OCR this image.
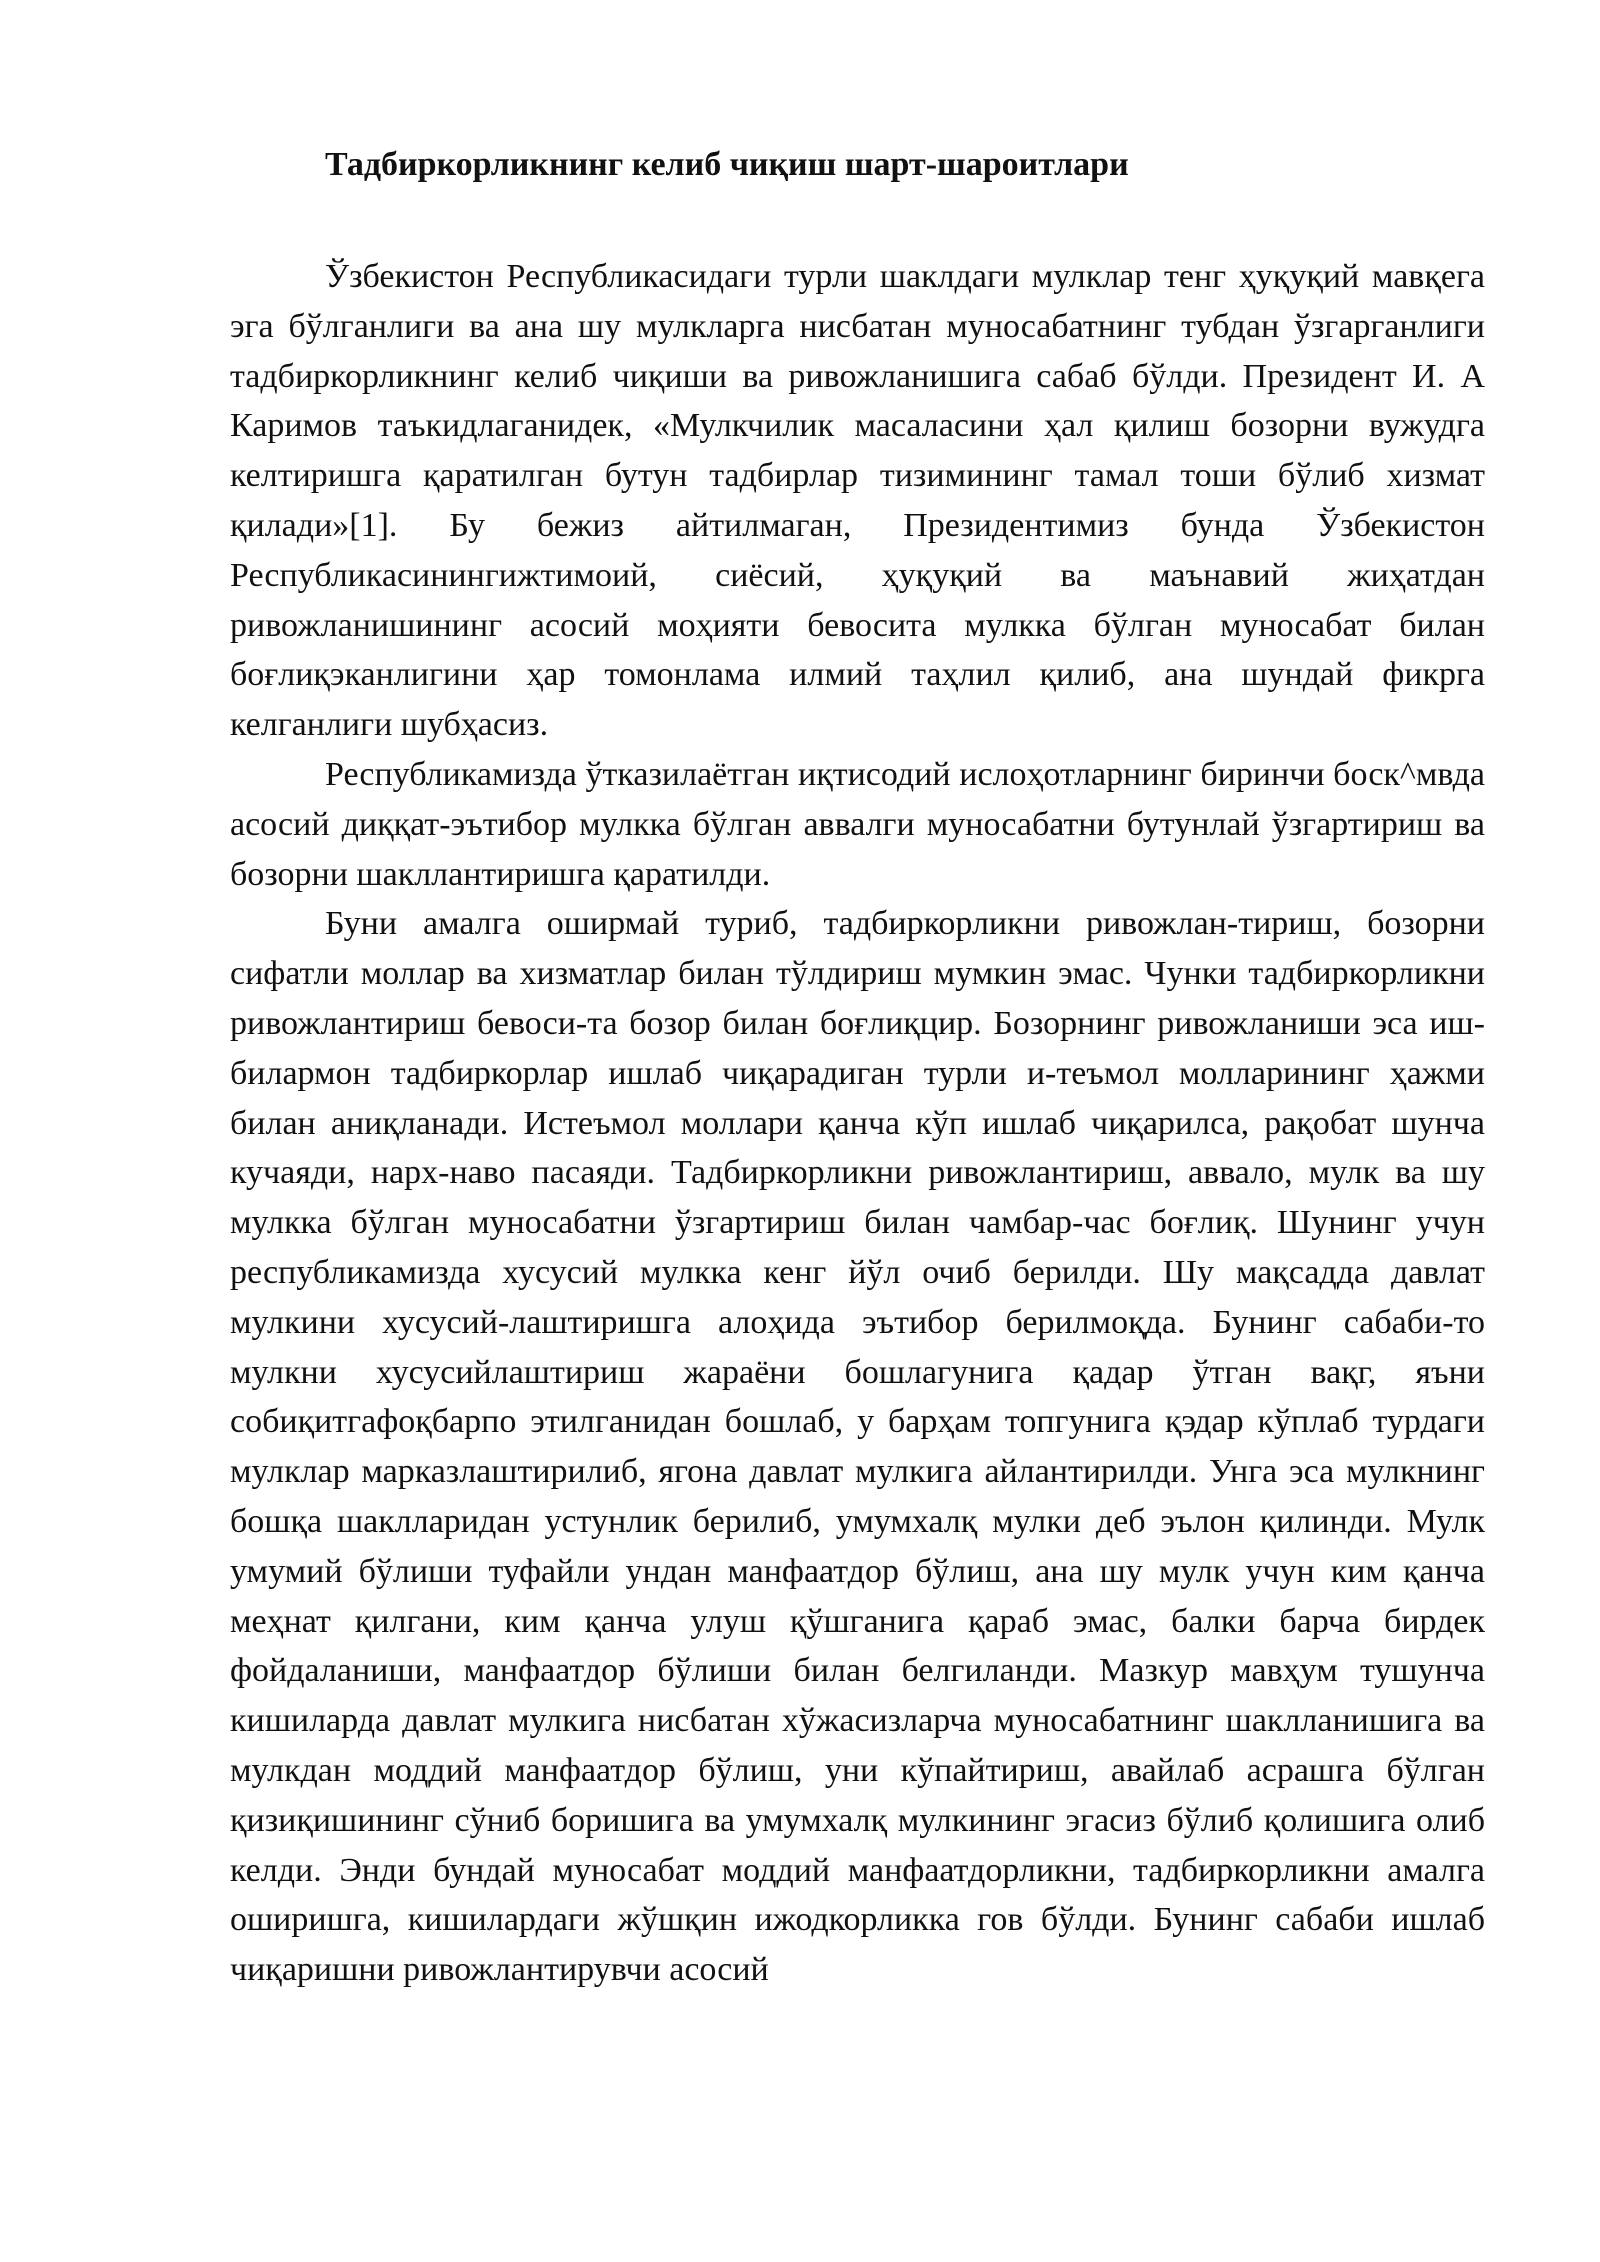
Тадбиркорликнинг келиб чиқиш шарт-шароитлари

Ўзбекистон Республикасидаги турли шаклдаги мулклар тенг ҳуқуқий мавқега эга бўлганлиги ва ана шу мулкларга нисбатан муносабатнинг тубдан ўзгарганлиги тадбиркорликнинг келиб чиқиши ва ривожланишига сабаб бўлди. Президент И. А Каримов таъкидлаганидек, «Мулкчилик масаласини ҳал қилиш бозорни вужудга келтиришга қаратилган бутун тадбирлар тизимининг тамал тоши бўлиб хизмат қилади»[1]. Бу бежиз айтилмаган, Президентимиз бунда Ўзбекистон Республикасинингижтимоий, сиёсий, ҳуқуқий ва маънавий жиҳатдан ривожланишининг асосий моҳияти бевосита мулкка бўлган муносабат билан боғлиқэканлигини ҳар томонлама илмий таҳлил қилиб, ана шундай фикрга келганлиги шубҳасиз.

Республикамизда ўтказилаётган иқтисодий ислоҳотларнинг биринчи боск^мвда асосий диққат-эътибор мулкка бўлган аввалги муносабатни бутунлай ўзгартириш ва бозорни шакллантиришга қаратилди.

Буни амалга оширмай туриб, тадбиркорликни ривожлан-тириш, бозорни сифатли моллар ва хизматлар билан тўлдириш мумкин эмас. Чунки тадбиркорликни ривожлантириш бевоси-та бозор билан боғлиқцир. Бозорнинг ривожланиши эса иш-билармон тадбиркорлар ишлаб чиқарадиган турли и-теъмол молларининг ҳажми билан аниқланади. Истеъмол моллари қанча кўп ишлаб чиқарилса, рақобат шунча кучаяди, нарх-наво пасаяди. Тадбиркорликни ривожлантириш, аввало, мулк ва шу мулкка бўлган муносабатни ўзгартириш билан чамбар-час боғлиқ. Шунинг учун республикамизда хусусий мулкка кенг йўл очиб берилди. Шу мақсадда давлат мулкини хусусий-лаштиришга алоҳида эътибор берилмоқда. Бунинг сабаби-то мулкни хусусийлаштириш жараёни бошлагунига қадар ўтган вақг, яъни собиқитгафоқбарпо этилганидан бошлаб, у барҳам топгунига қэдар кўплаб турдаги мулклар марказлаштирилиб, ягона давлат мулкига айлантирилди. Унга эса мулкнинг бошқа шаклларидан устунлик берилиб, умумхалқ мулки деб эълон қилинди. Мулк умумий бўлиши туфайли ундан манфаатдор бўлиш, ана шу мулк учун ким қанча меҳнат қилгани, ким қанча улуш қўшганига қараб эмас, балки барча бирдек фойдаланиши, манфаатдор бўлиши билан белгиланди. Мазкур мавҳум тушунча кишиларда давлат мулкига нисбатан хўжасизларча муносабатнинг шаклланишига ва мулкдан моддий манфаатдор бўлиш, уни кўпайтириш, авайлаб асрашга бўлган қизиқишининг сўниб боришига ва умумхалқ мулкининг эгасиз бўлиб қолишига олиб келди. Энди бундай муносабат моддий манфаатдорликни, тадбиркорликни амалга оширишга, кишилардаги жўшқин ижодкорликка гов бўлди. Бунинг сабаби ишлаб чиқаришни ривожлантирувчи асосий
